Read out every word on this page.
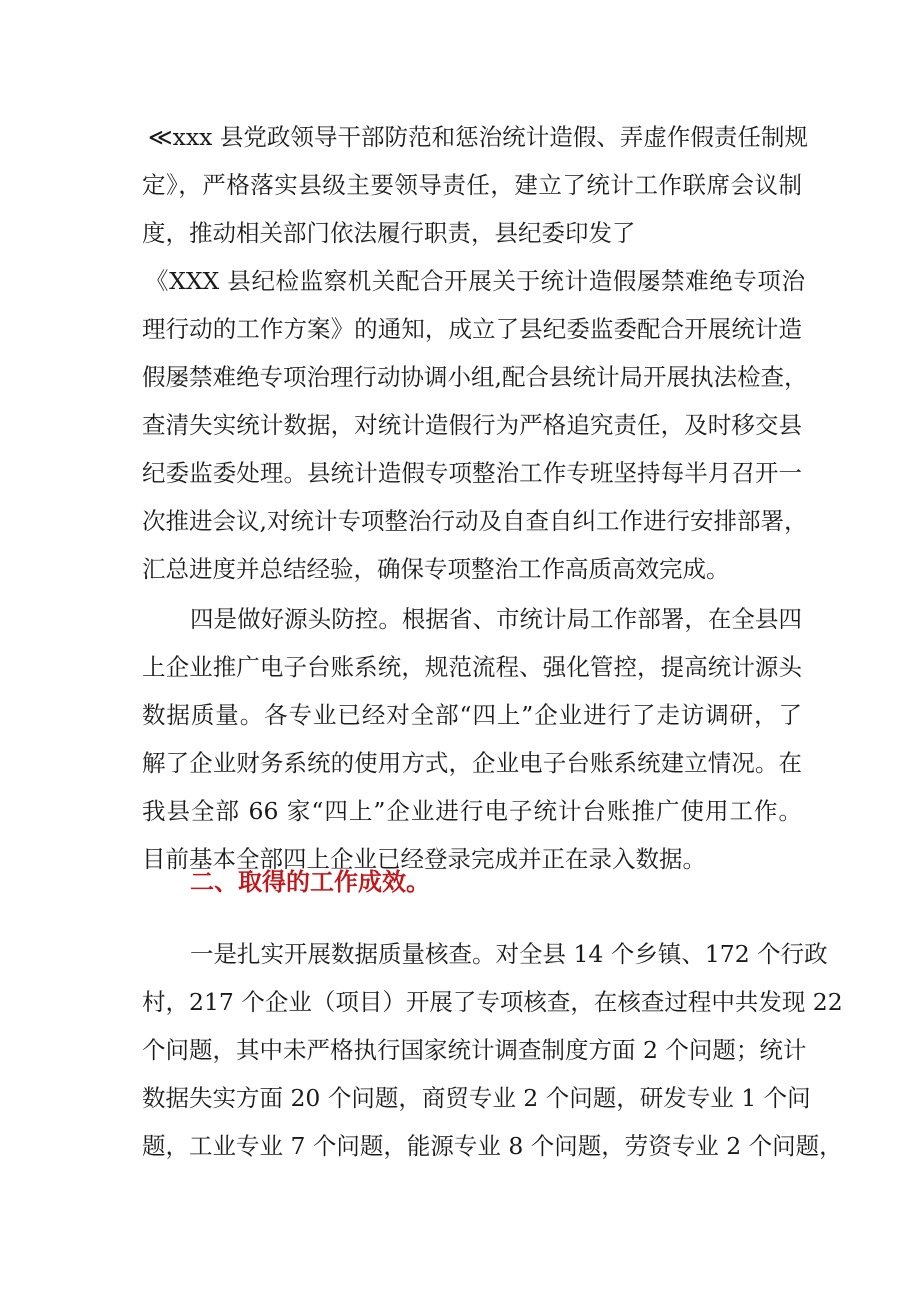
≪xxx 县党政领导干部防范和惩治统计造假、弄虚作假责任制规
定》，严格落实县级主要领导责任，建立了统计工作联席会议制
度，推动相关部门依法履行职责，县纪委印发了
《XXX 县纪检监察机关配合开展关于统计造假屡禁难绝专项治
理行动的工作方案》的通知，成立了县纪委监委配合开展统计造
假屡禁难绝专项治理行动协调小组,配合县统计局开展执法检查，
查清失实统计数据，对统计造假行为严格追究责任，及时移交县
纪委监委处理。县统计造假专项整治工作专班坚持每半月召开一
次推进会议,对统计专项整治行动及自查自纠工作进行安排部署，
汇总进度并总结经验，确保专项整治工作高质高效完成。
四是做好源头防控。根据省、市统计局工作部署，在全县四
上企业推广电子台账系统，规范流程、强化管控，提高统计源头
数据质量。各专业已经对全部“四上”企业进行了走访调研，了
解了企业财务系统的使用方式，企业电子台账系统建立情况。在
我县全部 66 家“四上”企业进行电子统计台账推广使用工作。
目前基本全部四上企业已经登录完成并正在录入数据。
二、取得的工作成效。
一是扎实开展数据质量核查。对全县 14 个乡镇、172 个行政
村，217 个企业（项目）开展了专项核查，在核查过程中共发现 22
个问题，其中未严格执行国家统计调查制度方面 2 个问题；统计
数据失实方面 20 个问题，商贸专业 2 个问题，研发专业 1 个问
题，工业专业 7 个问题，能源专业 8 个问题，劳资专业 2 个问题，
